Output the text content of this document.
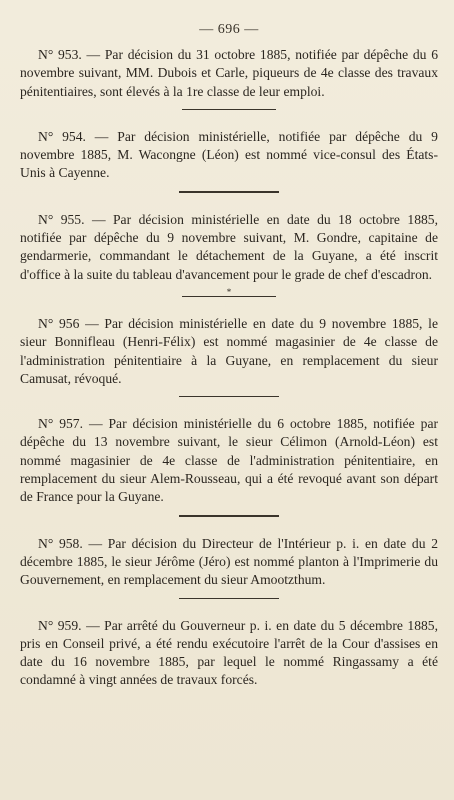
— 696 —

N° 953. — Par décision du 31 octobre 1885, notifiée par dépêche du 6 novembre suivant, MM. Dubois et Carle, piqueurs de 4e classe des travaux pénitentiaires, sont élevés à la 1re classe de leur emploi.

N° 954. — Par décision ministérielle, notifiée par dépêche du 9 novembre 1885, M. Wacongne (Léon) est nommé vice-consul des États-Unis à Cayenne.

N° 955. — Par décision ministérielle en date du 18 octobre 1885, notifiée par dépêche du 9 novembre suivant, M. Gondre, capitaine de gendarmerie, commandant le détachement de la Guyane, a été inscrit d'office à la suite du tableau d'avancement pour le grade de chef d'escadron.

*

N° 956 — Par décision ministérielle en date du 9 novembre 1885, le sieur Bonnifleau (Henri-Félix) est nommé magasinier de 4e classe de l'administration pénitentiaire à la Guyane, en remplacement du sieur Camusat, révoqué.

N° 957. — Par décision ministérielle du 6 octobre 1885, notifiée par dépêche du 13 novembre suivant, le sieur Célimon (Arnold-Léon) est nommé magasinier de 4e classe de l'administration pénitentiaire, en remplacement du sieur Alem-Rousseau, qui a été revoqué avant son départ de France pour la Guyane.

N° 958. — Par décision du Directeur de l'Intérieur p. i. en date du 2 décembre 1885, le sieur Jérôme (Jéro) est nommé planton à l'Imprimerie du Gouvernement, en remplacement du sieur Amootzthum.

N° 959. — Par arrêté du Gouverneur p. i. en date du 5 décembre 1885, pris en Conseil privé, a été rendu exécutoire l'arrêt de la Cour d'assises en date du 16 novembre 1885, par lequel le nommé Ringassamy a été condamné à vingt années de travaux forcés.
